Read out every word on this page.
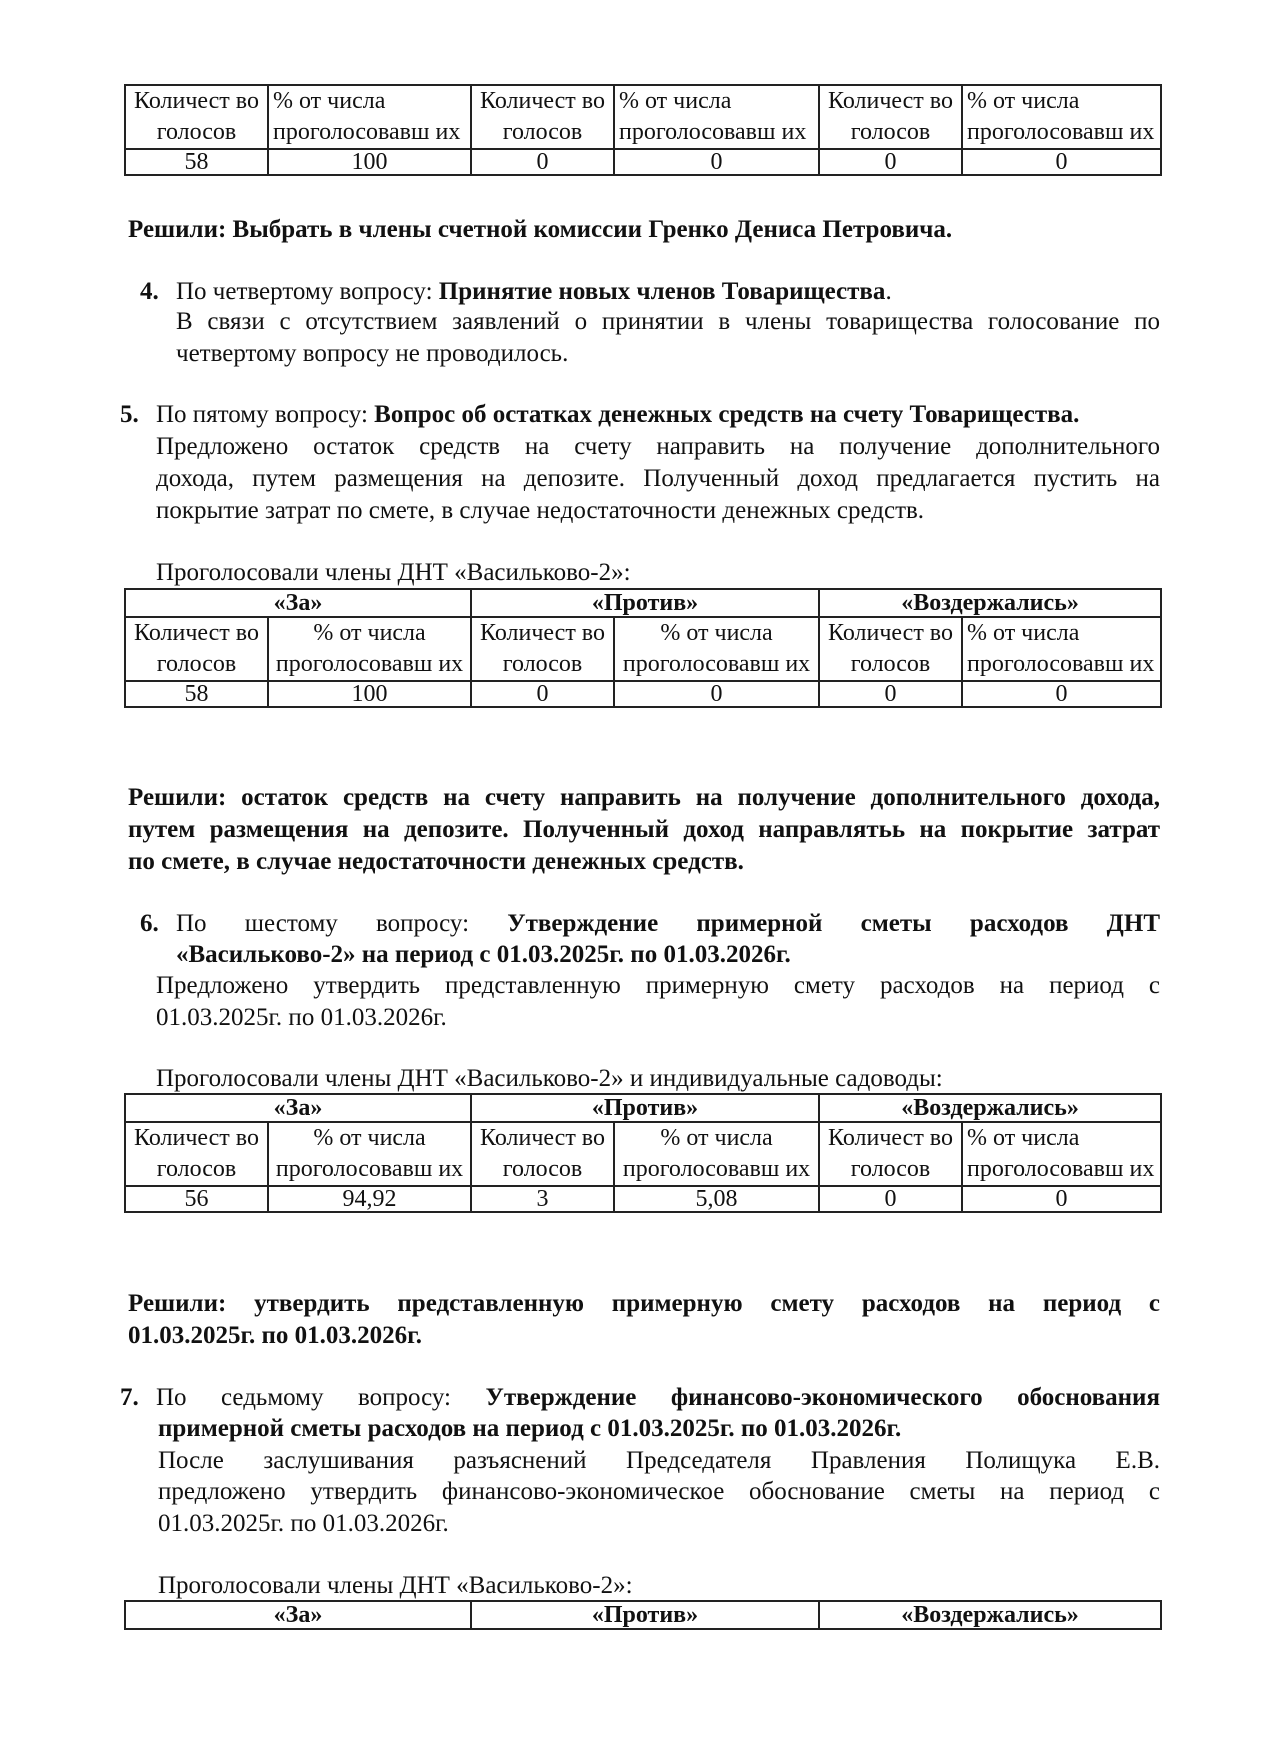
Количест во голосов	% от числа проголосовавш их	Количест во голосов	% от числа проголосовавш их	Количест во голосов	% от числа проголосовавш их
58	100	0	0	0	0
Решили: Выбрать в члены счетной комиссии Гренко Дениса Петровича.
4. По четвертому вопросу: Принятие новых членов Товарищества.
В связи с отсутствием заявлений о принятии в члены товарищества голосование по
четвертому вопросу не проводилось.
5. По пятому вопросу: Вопрос об остатках денежных средств на счету Товарищества.
Предложено остаток средств на счету направить на получение дополнительного
дохода, путем размещения на депозите. Полученный доход предлагается пустить на
покрытие затрат по смете, в случае недостаточности денежных средств.
Проголосовали члены ДНТ «Васильково-2»:
«За»		«Против»		«Воздержались»	
Количест во голосов	% от числа проголосовавш их	Количест во голосов	% от числа проголосовавш их	Количест во голосов	% от числа проголосовавш их
58	100	0	0	0	0
Решили: остаток средств на счету направить на получение дополнительного дохода,
путем размещения на депозите. Полученный доход направлятьь на покрытие затрат
по смете, в случае недостаточности денежных средств.
6. По шестому вопросу: Утверждение примерной сметы расходов ДНТ
«Васильково-2» на период с 01.03.2025г. по 01.03.2026г.
Предложено утвердить представленную примерную смету расходов на период с
01.03.2025г. по 01.03.2026г.
Проголосовали члены ДНТ «Васильково-2» и индивидуальные садоводы:
«За»		«Против»		«Воздержались»	
Количест во голосов	% от числа проголосовавш их	Количест во голосов	% от числа проголосовавш их	Количест во голосов	% от числа проголосовавш их
56	94,92	3	5,08	0	0
Решили: утвердить представленную примерную смету расходов на период с
01.03.2025г. по 01.03.2026г.
7. По седьмому вопросу: Утверждение финансово-экономического обоснования
примерной сметы расходов на период с 01.03.2025г. по 01.03.2026г.
После заслушивания разъяснений Председателя Правления Полищука Е.В.
предложено утвердить финансово-экономическое обоснование сметы на период с
01.03.2025г. по 01.03.2026г.
Проголосовали члены ДНТ «Васильково-2»:
«За»	«Против»	«Воздержались»
